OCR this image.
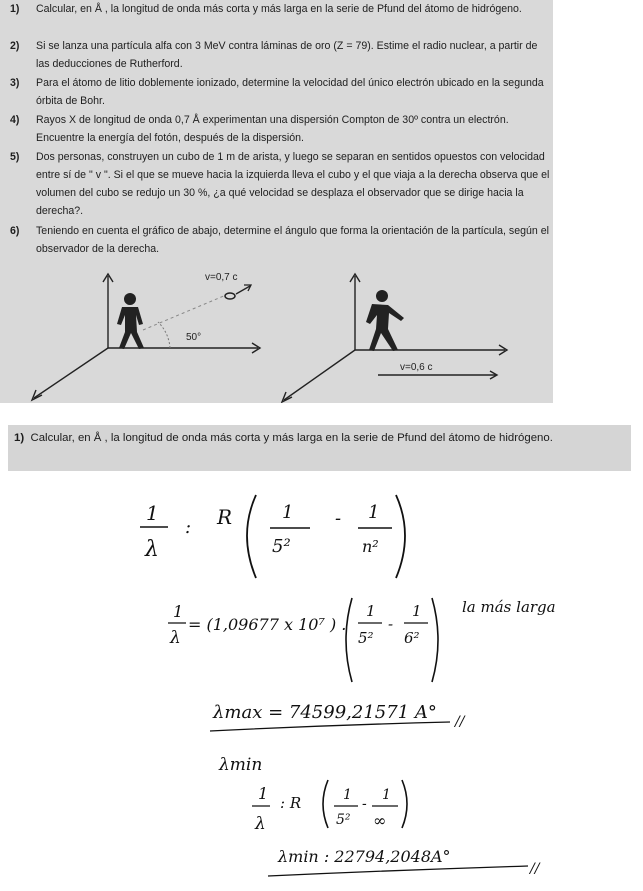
1) Calcular, en Å , la longitud de onda más corta y más larga en la serie de Pfund del átomo de hidrógeno.
2) Si se lanza una partícula alfa con 3 MeV contra láminas de oro (Z = 79). Estime el radio nuclear, a partir de las deducciones de Rutherford.
3) Para el átomo de litio doblemente ionizado, determine la velocidad del único electrón ubicado en la segunda órbita de Bohr.
4) Rayos X de longitud de onda 0,7 Å experimentan una dispersión Compton de 30º contra un electrón. Encuentre la energía del fotón, después de la dispersión.
5) Dos personas, construyen un cubo de 1 m de arista, y luego se separan en sentidos opuestos con velocidad entre sí de " v ". Si el que se mueve hacia la izquierda lleva el cubo y el que viaja a la derecha observa que el volumen del cubo se redujo un 30 %, ¿a qué velocidad se desplaza el observador que se dirige hacia la derecha?.
6) Teniendo en cuenta el gráfico de abajo, determine el ángulo que forma la orientación de la partícula, según el observador de la derecha.
v=0,7 c
50°
v=0,6 c
1) Calcular, en Å , la longitud de onda más corta y más larga en la serie de Pfund del átomo de hidrógeno.
1
λ
: R	1
5²
- 1
n²
1
λ
= (1,09677 x 10⁷ ) .
1
5²
-
1
6²
la más larga
λmax = 74599,21571 A° //
λmin
1
λ
: R	1
5²
-
1
∞
λmin : 22794,2048A°
//
